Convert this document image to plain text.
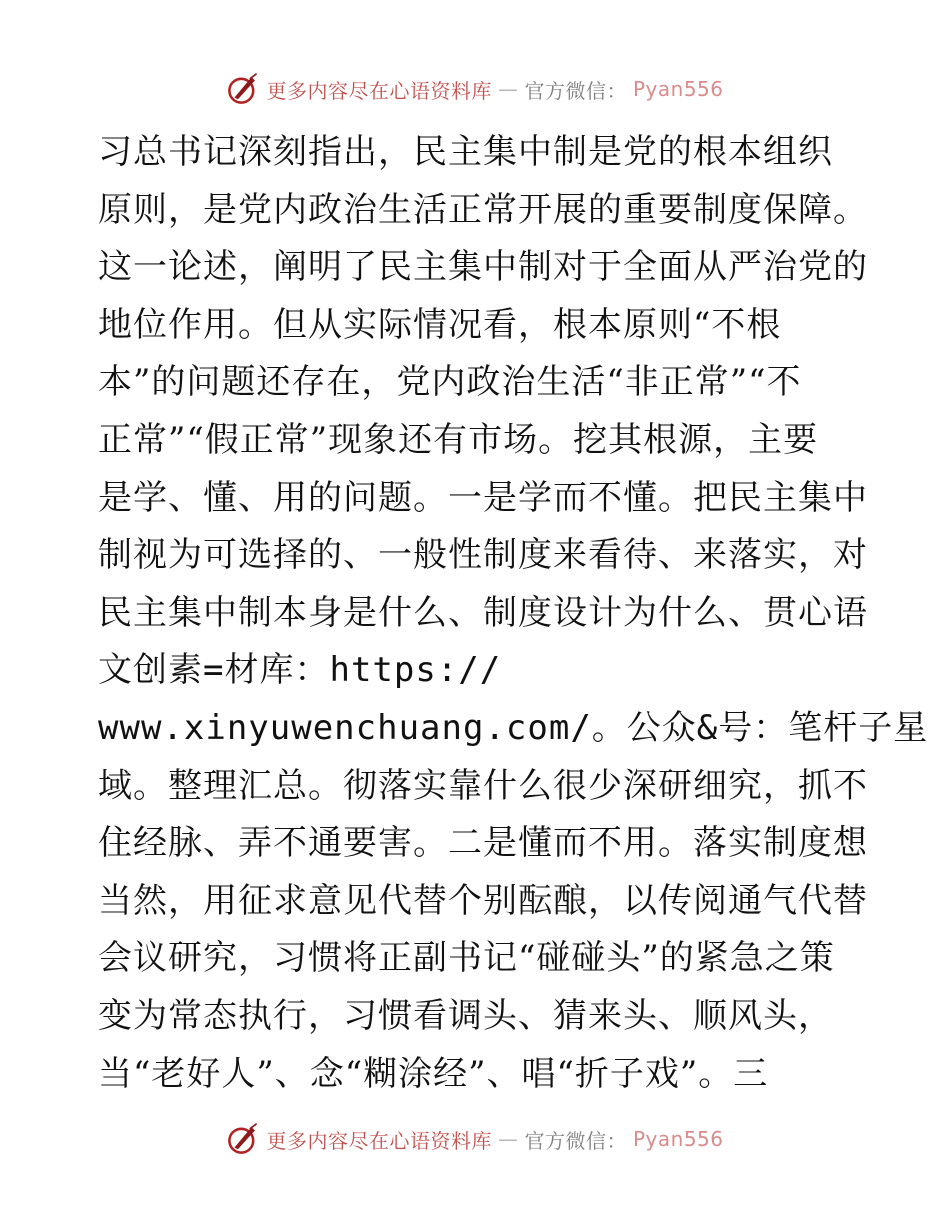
更多内容尽在心语资料库 — 官方微信： Pyan556
习总书记深刻指出，民主集中制是党的根本组织
原则，是党内政治生活正常开展的重要制度保障。
这一论述，阐明了民主集中制对于全面从严治党的
地位作用。但从实际情况看，根本原则“不根
本”的问题还存在，党内政治生活“非正常”“不
正常”“假正常”现象还有市场。挖其根源，主要
是学、懂、用的问题。一是学而不懂。把民主集中
制视为可选择的、一般性制度来看待、来落实，对
民主集中制本身是什么、制度设计为什么、贯心语
文创素=材库：https://
www.xinyuwenchuang.com/。公众&号：笔杆子星
域。整理汇总。彻落实靠什么很少深研细究，抓不
住经脉、弄不通要害。二是懂而不用。落实制度想
当然，用征求意见代替个别酝酿，以传阅通气代替
会议研究，习惯将正副书记“碰碰头”的紧急之策
变为常态执行，习惯看调头、猜来头、顺风头，
当“老好人”、念“糊涂经”、唱“折子戏”。三
更多内容尽在心语资料库 — 官方微信： Pyan556
